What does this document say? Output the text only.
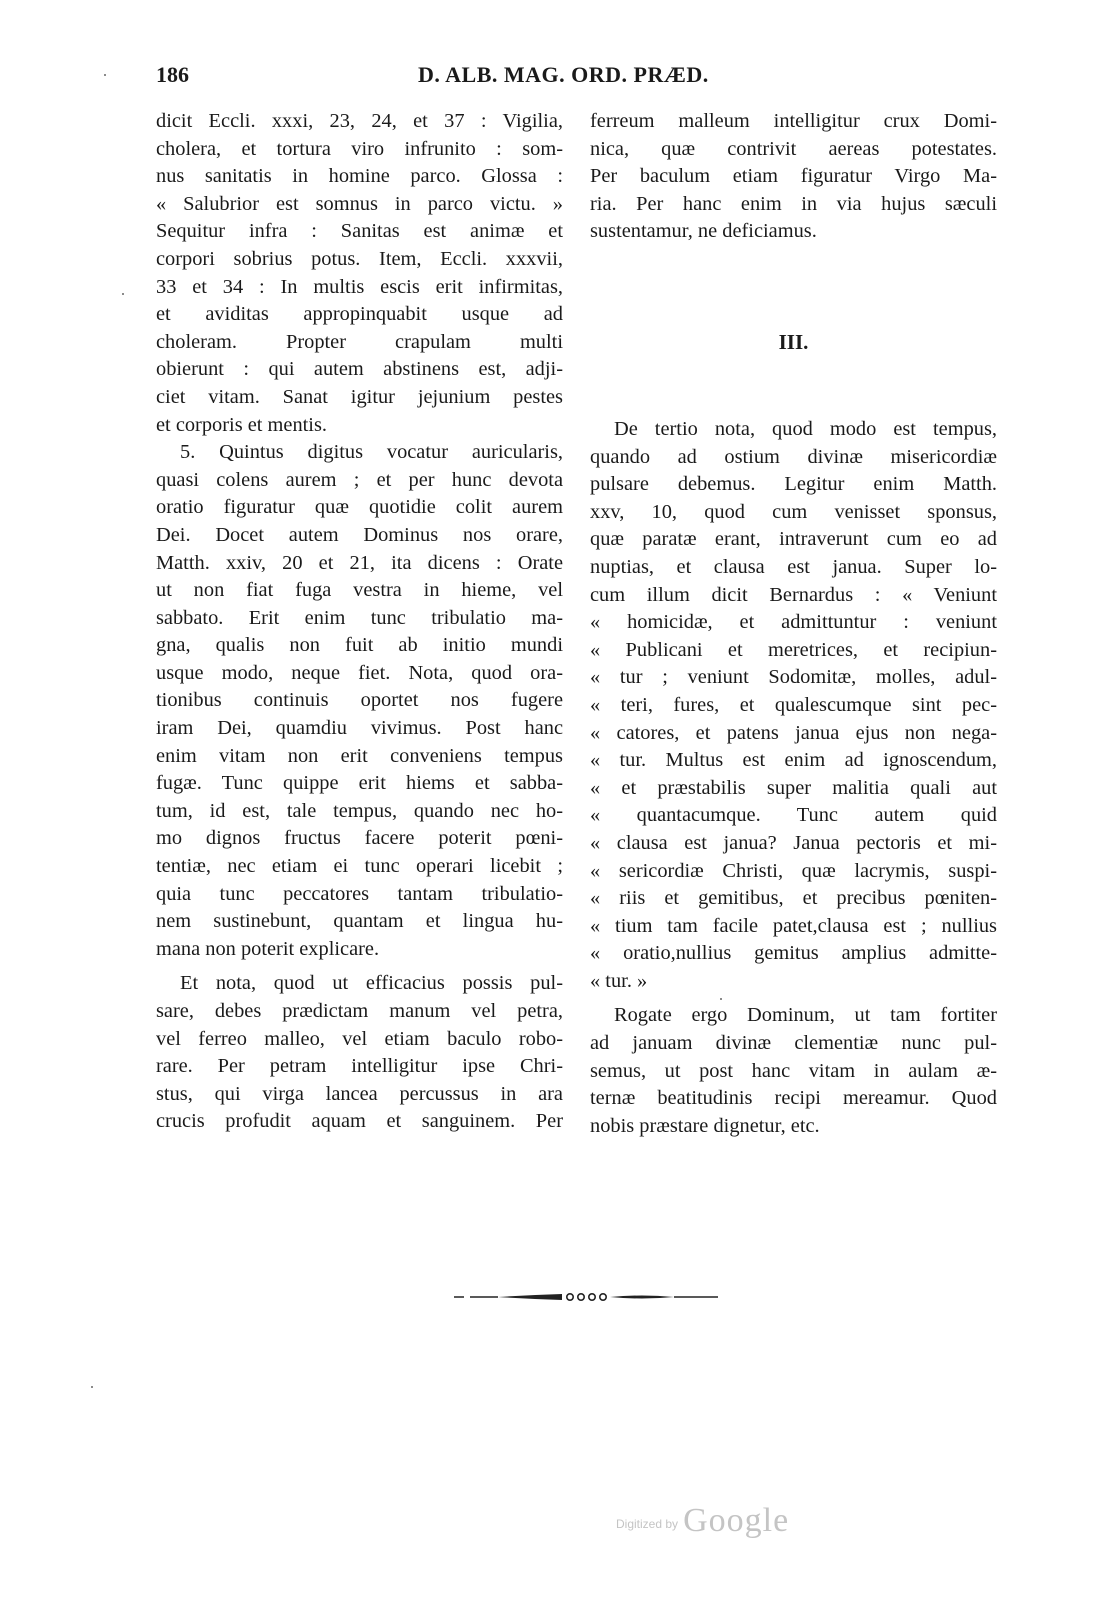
186	D. ALB. MAG. ORD. PRÆD.
dicit Eccli. xxxi, 23, 24, et 37 : Vigilia,
cholera, et tortura viro infrunito : som-
nus sanitatis in homine parco. Glossa :
« Salubrior est somnus in parco victu. »
Sequitur infra : Sanitas est animæ et
corpori sobrius potus. Item, Eccli. xxxvii,
33 et 34 : In multis escis erit infirmitas,
et aviditas appropinquabit usque ad
choleram. Propter crapulam multi
obierunt : qui autem abstinens est, adji-
ciet vitam. Sanat igitur jejunium pestes
et corporis et mentis.
5. Quintus digitus vocatur auricularis,
quasi colens aurem ; et per hunc devota
oratio figuratur quæ quotidie colit aurem
Dei. Docet autem Dominus nos orare,
Matth. xxiv, 20 et 21, ita dicens : Orate
ut non fiat fuga vestra in hieme, vel
sabbato. Erit enim tunc tribulatio ma-
gna, qualis non fuit ab initio mundi
usque modo, neque fiet. Nota, quod ora-
tionibus continuis oportet nos fugere
iram Dei, quamdiu vivimus. Post hanc
enim vitam non erit conveniens tempus
fugæ. Tunc quippe erit hiems et sabba-
tum, id est, tale tempus, quando nec ho-
mo dignos fructus facere poterit pœni-
tentiæ, nec etiam ei tunc operari licebit ;
quia tunc peccatores tantam tribulatio-
nem sustinebunt, quantam et lingua hu-
mana non poterit explicare.
Et nota, quod ut efficacius possis pul-
sare, debes prædictam manum vel petra,
vel ferreo malleo, vel etiam baculo robo-
rare. Per petram intelligitur ipse Chri-
stus, qui virga lancea percussus in ara
crucis profudit aquam et sanguinem. Per
ferreum malleum intelligitur crux Domi-
nica, quæ contrivit aereas potestates.
Per baculum etiam figuratur Virgo Ma-
ria. Per hanc enim in via hujus sæculi
sustentamur, ne deficiamus.
III.
De tertio nota, quod modo est tempus,
quando ad ostium divinæ misericordiæ
pulsare debemus. Legitur enim Matth.
xxv, 10, quod cum venisset sponsus,
quæ paratæ erant, intraverunt cum eo ad
nuptias, et clausa est janua. Super lo-
cum illum dicit Bernardus : « Veniunt
« homicidæ, et admittuntur : veniunt
« Publicani et meretrices, et recipiun-
« tur ; veniunt Sodomitæ, molles, adul-
« teri, fures, et qualescumque sint pec-
« catores, et patens janua ejus non nega-
« tur. Multus est enim ad ignoscendum,
« et præstabilis super malitia quali aut
« quantacumque. Tunc autem quid
« clausa est janua? Janua pectoris et mi-
« sericordiæ Christi, quæ lacrymis, suspi-
« riis et gemitibus, et precibus pœniten-
« tium tam facile patet,clausa est ; nullius
« oratio,nullius gemitus amplius admitte-
« tur. »
Rogate ergo Dominum, ut tam fortiter
ad januam divinæ clementiæ nunc pul-
semus, ut post hanc vitam in aulam æ-
ternæ beatitudinis recipi mereamur. Quod
nobis præstare dignetur, etc.
Digitized by Google
